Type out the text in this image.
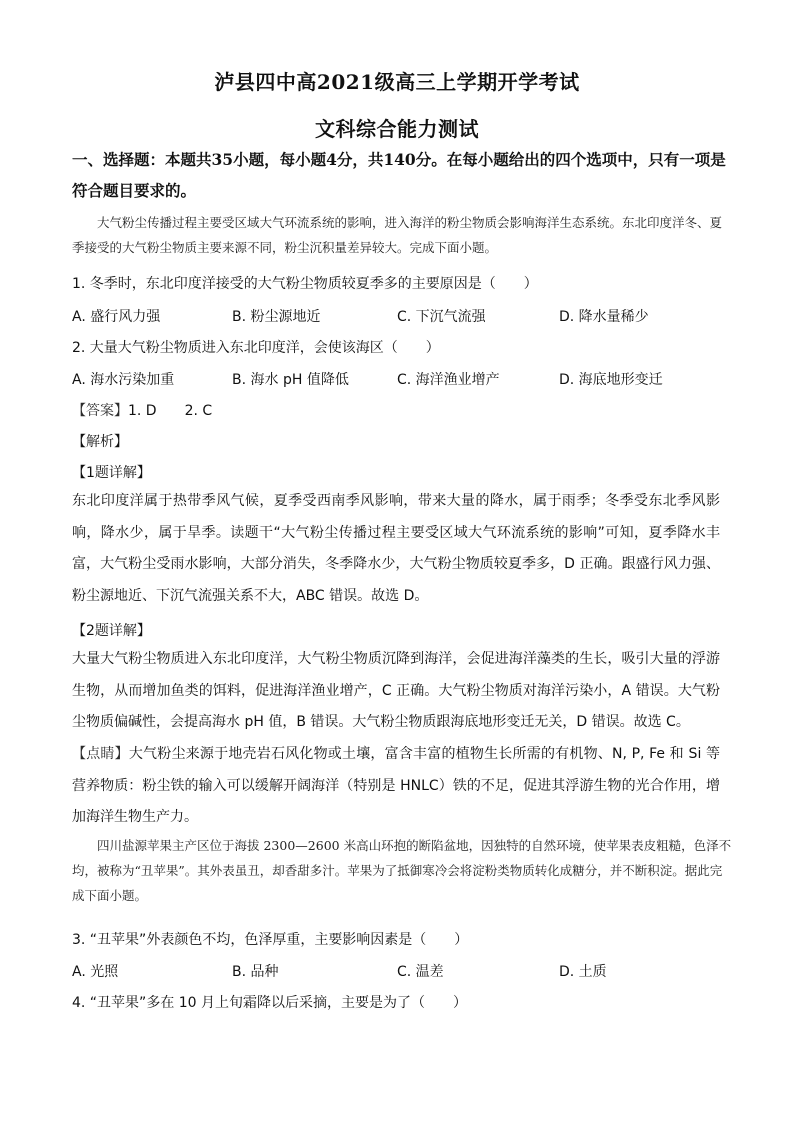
泸县四中高2021级高三上学期开学考试
文科综合能力测试
一、选择题：本题共35小题，每小题4分，共140分。在每小题给出的四个选项中，只有一项是符合题目要求的。

大气粉尘传播过程主要受区域大气环流系统的影响，进入海洋的粉尘物质会影响海洋生态系统。东北印度洋冬、夏季接受的大气粉尘物质主要来源不同，粉尘沉积量差异较大。完成下面小题。

1. 冬季时，东北印度洋接受的大气粉尘物质较夏季多的主要原因是（　　）
A. 盛行风力强	B. 粉尘源地近	C. 下沉气流强	D. 降水量稀少
2. 大量大气粉尘物质进入东北印度洋，会使该海区（　　）
A. 海水污染加重	B. 海水 pH 值降低	C. 海洋渔业增产	D. 海底地形变迁
【答案】1. D　　2. C
【解析】
【1题详解】

东北印度洋属于热带季风气候，夏季受西南季风影响，带来大量的降水，属于雨季；冬季受东北季风影响，降水少，属于旱季。读题干“大气粉尘传播过程主要受区域大气环流系统的影响”可知，夏季降水丰富，大气粉尘受雨水影响，大部分消失，冬季降水少，大气粉尘物质较夏季多，D 正确。跟盛行风力强、粉尘源地近、下沉气流强关系不大，ABC 错误。故选 D。

【2题详解】

大量大气粉尘物质进入东北印度洋，大气粉尘物质沉降到海洋，会促进海洋藻类的生长，吸引大量的浮游生物，从而增加鱼类的饵料，促进海洋渔业增产，C 正确。大气粉尘物质对海洋污染小，A 错误。大气粉尘物质偏碱性，会提高海水 pH 值，B 错误。大气粉尘物质跟海底地形变迁无关，D 错误。故选 C。

【点睛】大气粉尘来源于地壳岩石风化物或土壤，富含丰富的植物生长所需的有机物、N, P, Fe 和 Si 等营养物质：粉尘铁的输入可以缓解开阔海洋（特别是 HNLC）铁的不足，促进其浮游生物的光合作用，增加海洋生物生产力。

四川盐源苹果主产区位于海拔 2300—2600 米高山环抱的断陷盆地，因独特的自然环境，使苹果表皮粗糙，色泽不均，被称为“丑苹果”。其外表虽丑，却香甜多汁。苹果为了抵御寒冷会将淀粉类物质转化成糖分，并不断积淀。据此完成下面小题。

3. “丑苹果”外表颜色不均，色泽厚重，主要影响因素是（　　）
A. 光照	B. 品种	C. 温差	D. 土质
4. “丑苹果”多在 10 月上旬霜降以后采摘，主要是为了（　　）
